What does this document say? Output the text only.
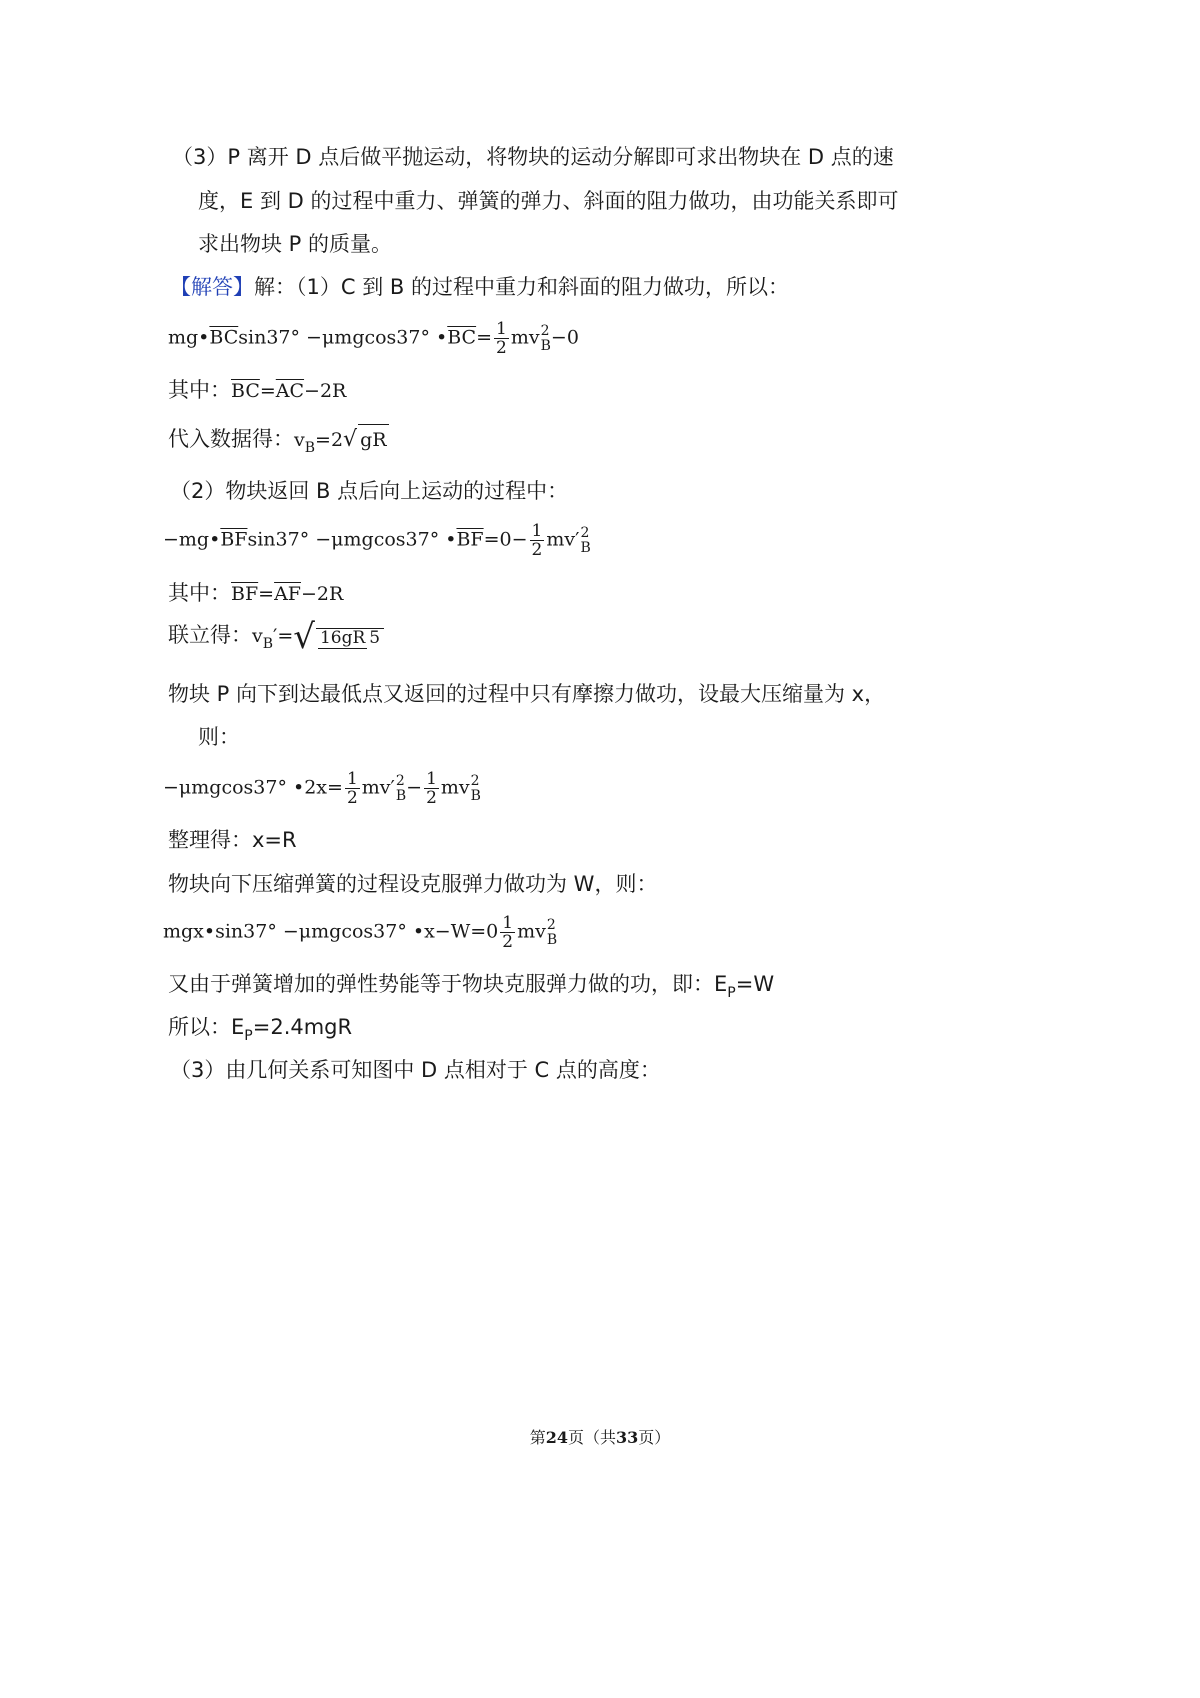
（3）P 离开 D 点后做平抛运动，将物块的运动分解即可求出物块在 D 点的速
度，E 到 D 的过程中重力、弹簧的弹力、斜面的阻力做功，由功能关系即可
求出物块 P 的质量。
【解答】解：（1）C 到 B 的过程中重力和斜面的阻力做功，所以：
$mg•\overline{BC}\sin 37^\circ -\mu mgcos37^\circ$ $•\overline{BC}= \frac{1}{2}$ mv 2
B −0
其中：$\overline{BC}=\overline{AC}-2R$
代入数据得：$v_B=2√$ gR
（2）物块返回 B 点后向上运动的过程中：
$-mg•\overline{BF}\sin 37^\circ -\mu mgcos37^\circ$ $•\overline{BF}=0- \frac{1}{2} mv'$ 2
B
其中：$\overline{BF}=\overline{AF}-2R$
联立得：$v_B'=√$ 16gR 5
物块 P 向下到达最低点又返回的过程中只有摩擦力做功，设最大压缩量为 x，
则：
−μmgcos37° •2x= $\frac{1}{2} mv'$ 2
$B - \frac{1}{2}$ mv 2
B
整理得：x=R
物块向下压缩弹簧的过程设克服弹力做功为 W，则：
mgx•sin37° −μmgcos37° •x−W=0 $\frac{1}{2}$ mv 2
B
又由于弹簧增加的弹性势能等于物块克服弹力做的功，即：$E_P=W$
所以：$E_P=2.4mgR$
（3）由几何关系可知图中 D 点相对于 C 点的高度：
第24页（共33页）
